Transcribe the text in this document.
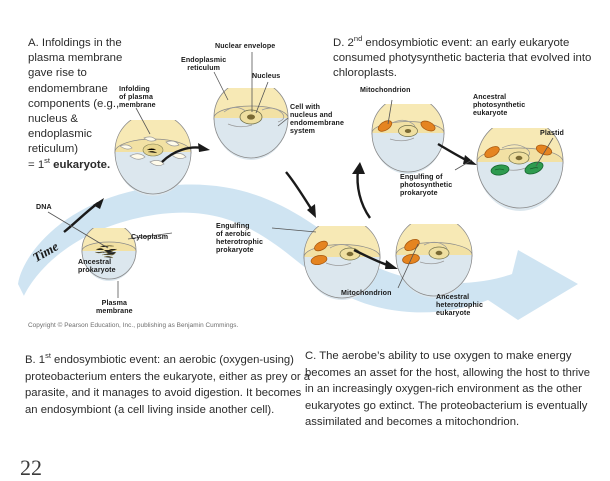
DNA
Cytoplasm
Plasma
membrane
Ancestral
prokaryote
Infolding
of plasma
membrane
Endoplasmic
reticulum
Nuclear envelope
Nucleus
Cell with
nucleus and
endomembrane
system
Engulfing
of aerobic
heterotrophic
prokaryote
Mitochondrion	Ancestral
heterotrophic
eukaryote
Mitochondrion
Engulfing of
photosynthetic
prokaryote
Ancestral
photosynthetic
eukaryote
Plastid
Time
A. Infoldings in the
plasma membrane
gave rise to
endomembrane
components (e.g.,
nucleus &
endoplasmic
reticulum)
= 1st eukaryote.
D. 2nd endosymbiotic event: an early eukaryote consumed photysynthetic bacteria that evolved into chloroplasts.
B. 1st endosymbiotic event: an aerobic (oxygen-using) proteobacterium enters the eukaryote, either as prey or a parasite, and it manages to avoid digestion. It becomes an endosymbiont (a cell living inside another cell).
C. The aerobe’s ability to use oxygen to make energy becomes an asset for the host, allowing the host to thrive in an increasingly oxygen-rich environment as the other eukaryotes go extinct. The proteobacterium is eventually assimilated and becomes a mitochondrion.
Copyright © Pearson Education, Inc., publishing as Benjamin Cummings.
22
